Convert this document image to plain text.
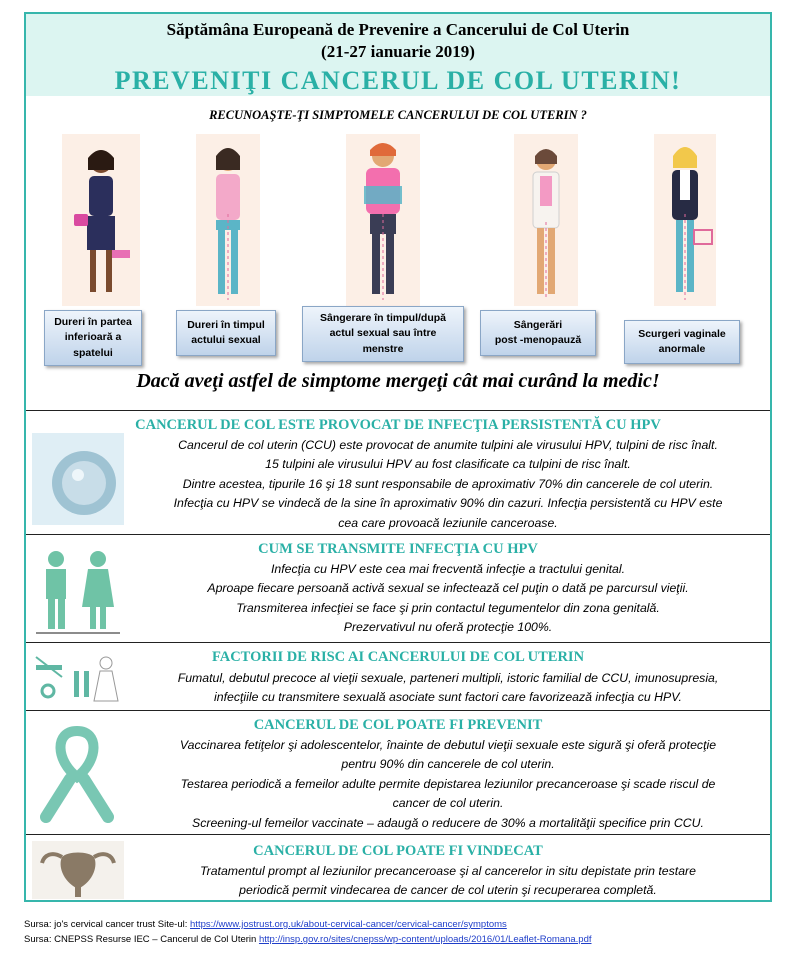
Săptămâna Europeană de Prevenire a Cancerului de Col Uterin
(21-27 ianuarie 2019)
PREVENIŢI CANCERUL DE COL UTERIN!
RECUNOAŞTE-ŢI SIMPTOMELE CANCERULUI DE COL UTERIN ?
Dureri în partea
inferioară a
spatelui
Dureri în timpul
actului sexual
Sângerare în timpul/după
actul sexual sau între
menstre
Sângerări
post -menopauză
Scurgeri vaginale
anormale
Dacă aveţi astfel de simptome mergeţi cât mai curând la medic!
CANCERUL DE COL ESTE PROVOCAT DE INFECŢIA PERSISTENTĂ CU HPV
Cancerul de col uterin (CCU) este provocat de anumite tulpini ale virusului HPV, tulpini de risc înalt.
15 tulpini ale virusului HPV au fost clasificate ca tulpini de risc înalt.
Dintre acestea, tipurile 16 şi 18 sunt responsabile de aproximativ 70% din cancerele de col uterin.
Infecţia cu HPV se vindecă de la sine în aproximativ 90% din cazuri. Infecţia persistentă cu HPV este
cea care provoacă leziunile canceroase.
CUM SE TRANSMITE INFECŢIA CU HPV
Infecţia cu HPV este cea mai frecventă infecţie a tractului genital.
Aproape fiecare persoană activă sexual se infectează cel puţin o dată pe parcursul vieţii.
Transmiterea infecţiei se face şi prin contactul tegumentelor din zona genitală.
Prezervativul nu oferă protecţie 100%.
FACTORII DE RISC AI CANCERULUI DE COL UTERIN
Fumatul, debutul precoce al vieţii sexuale, parteneri multipli, istoric familial de CCU, imunosupresia,
infecţiile cu transmitere sexuală asociate sunt factori care favorizează infecţia cu HPV.
CANCERUL DE COL POATE FI PREVENIT
Vaccinarea fetiţelor şi adolescentelor, înainte de debutul vieţii sexuale este sigură şi oferă protecţie
pentru 90% din cancerele de col uterin.
Testarea periodică a femeilor adulte permite depistarea leziunilor precanceroase şi scade riscul de
cancer de col uterin.
Screening-ul femeilor vaccinate – adaugă o reducere de 30% a mortalităţii specifice prin CCU.
CANCERUL DE COL POATE FI VINDECAT
Tratamentul prompt al leziunilor precanceroase şi al cancerelor in situ depistate prin testare
periodică permit vindecarea de cancer de col uterin şi recuperarea completă.
Sursa: jo's cervical cancer trust Site-ul: https://www.jostrust.org.uk/about-cervical-cancer/cervical-cancer/symptoms
Sursa: CNEPSS Resurse IEC – Cancerul de Col Uterin http://insp.gov.ro/sites/cnepss/wp-content/uploads/2016/01/Leaflet-Romana.pdf
